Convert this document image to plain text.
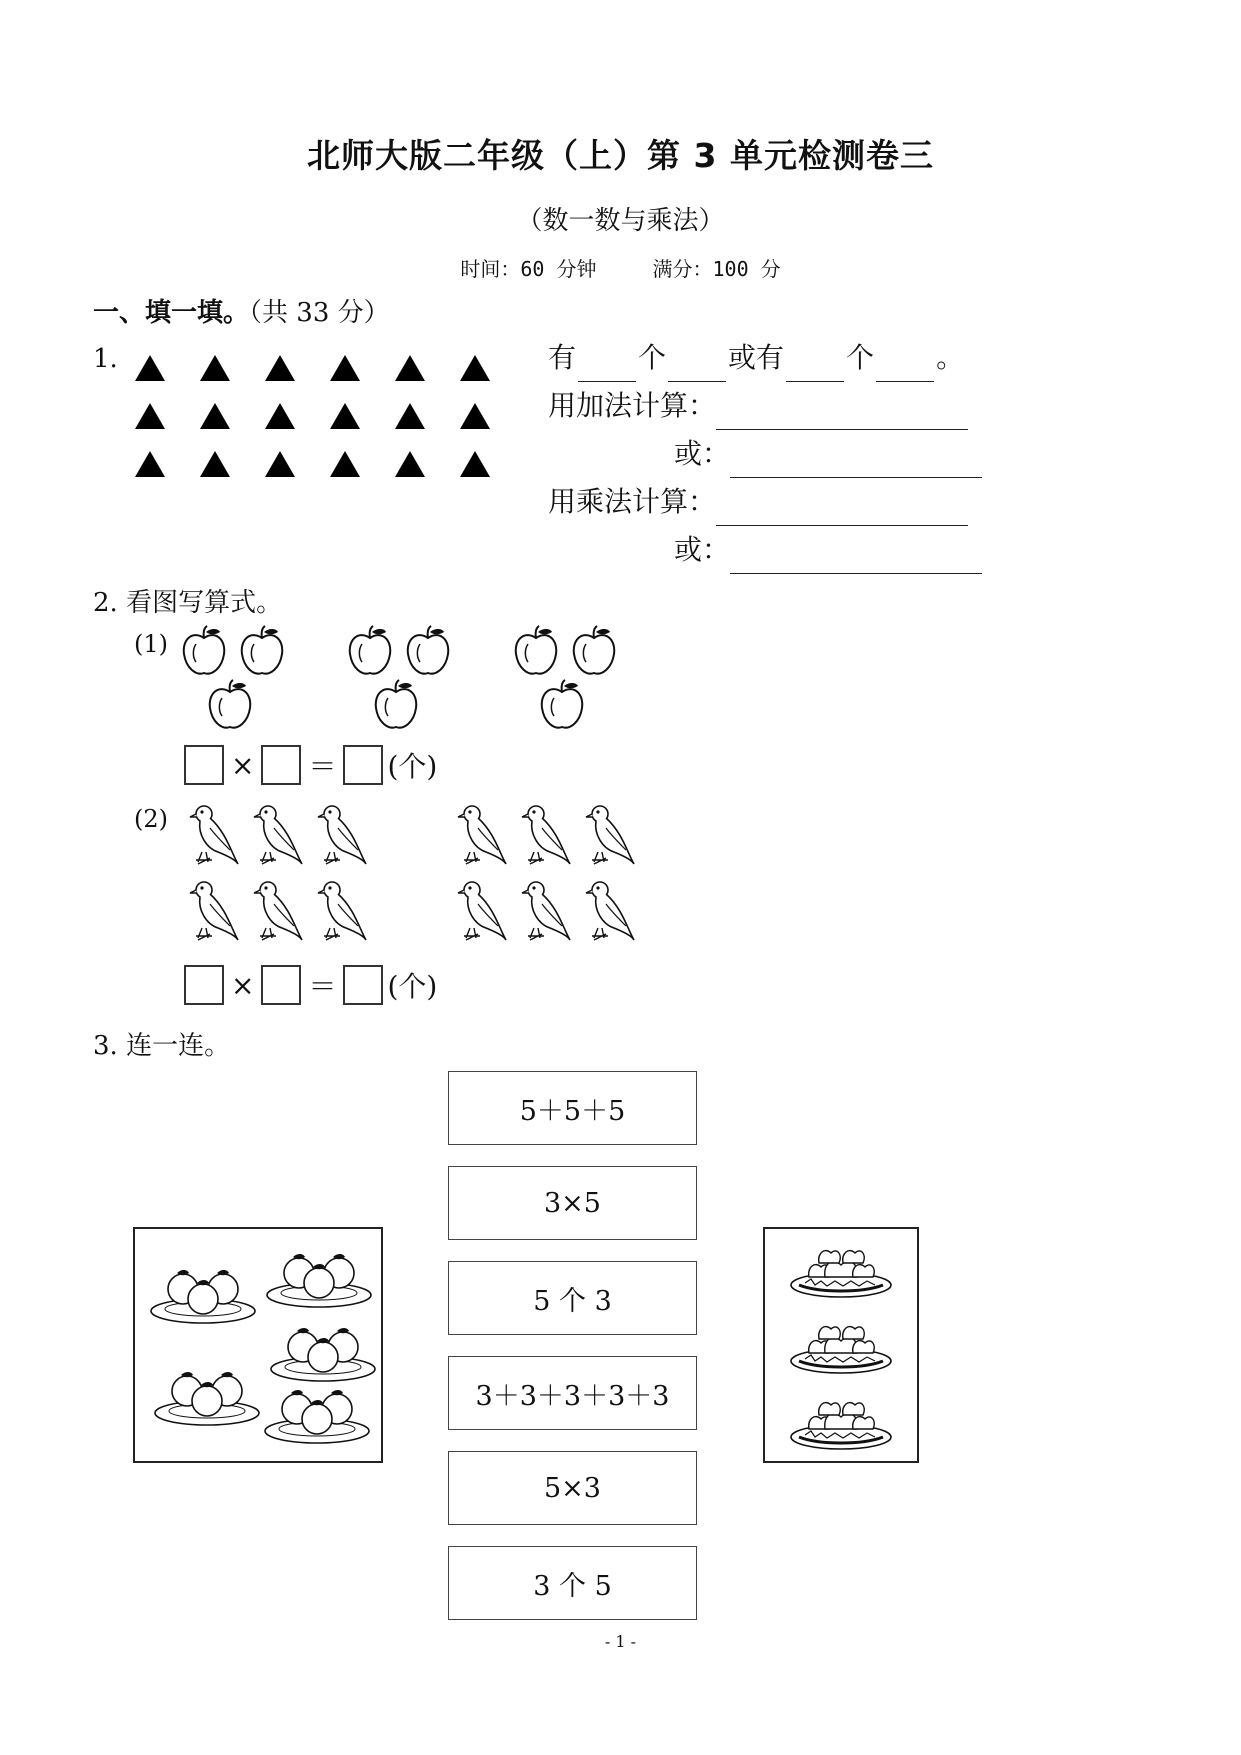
北师大版二年级（上）第 3 单元检测卷三
（数一数与乘法）
时间：60 分钟	满分：100 分
一、填一填。（共 33 分）
1.	有 个 或有 个 。
用加法计算：
或：
用乘法计算：
或：
2. 看图写算式。
(1)
× ＝ (个)
(2)
× ＝ (个)
3. 连一连。
5＋5＋5
3×5
5 个 3
3＋3＋3＋3＋3
5×3
3 个 5
- 1 -
